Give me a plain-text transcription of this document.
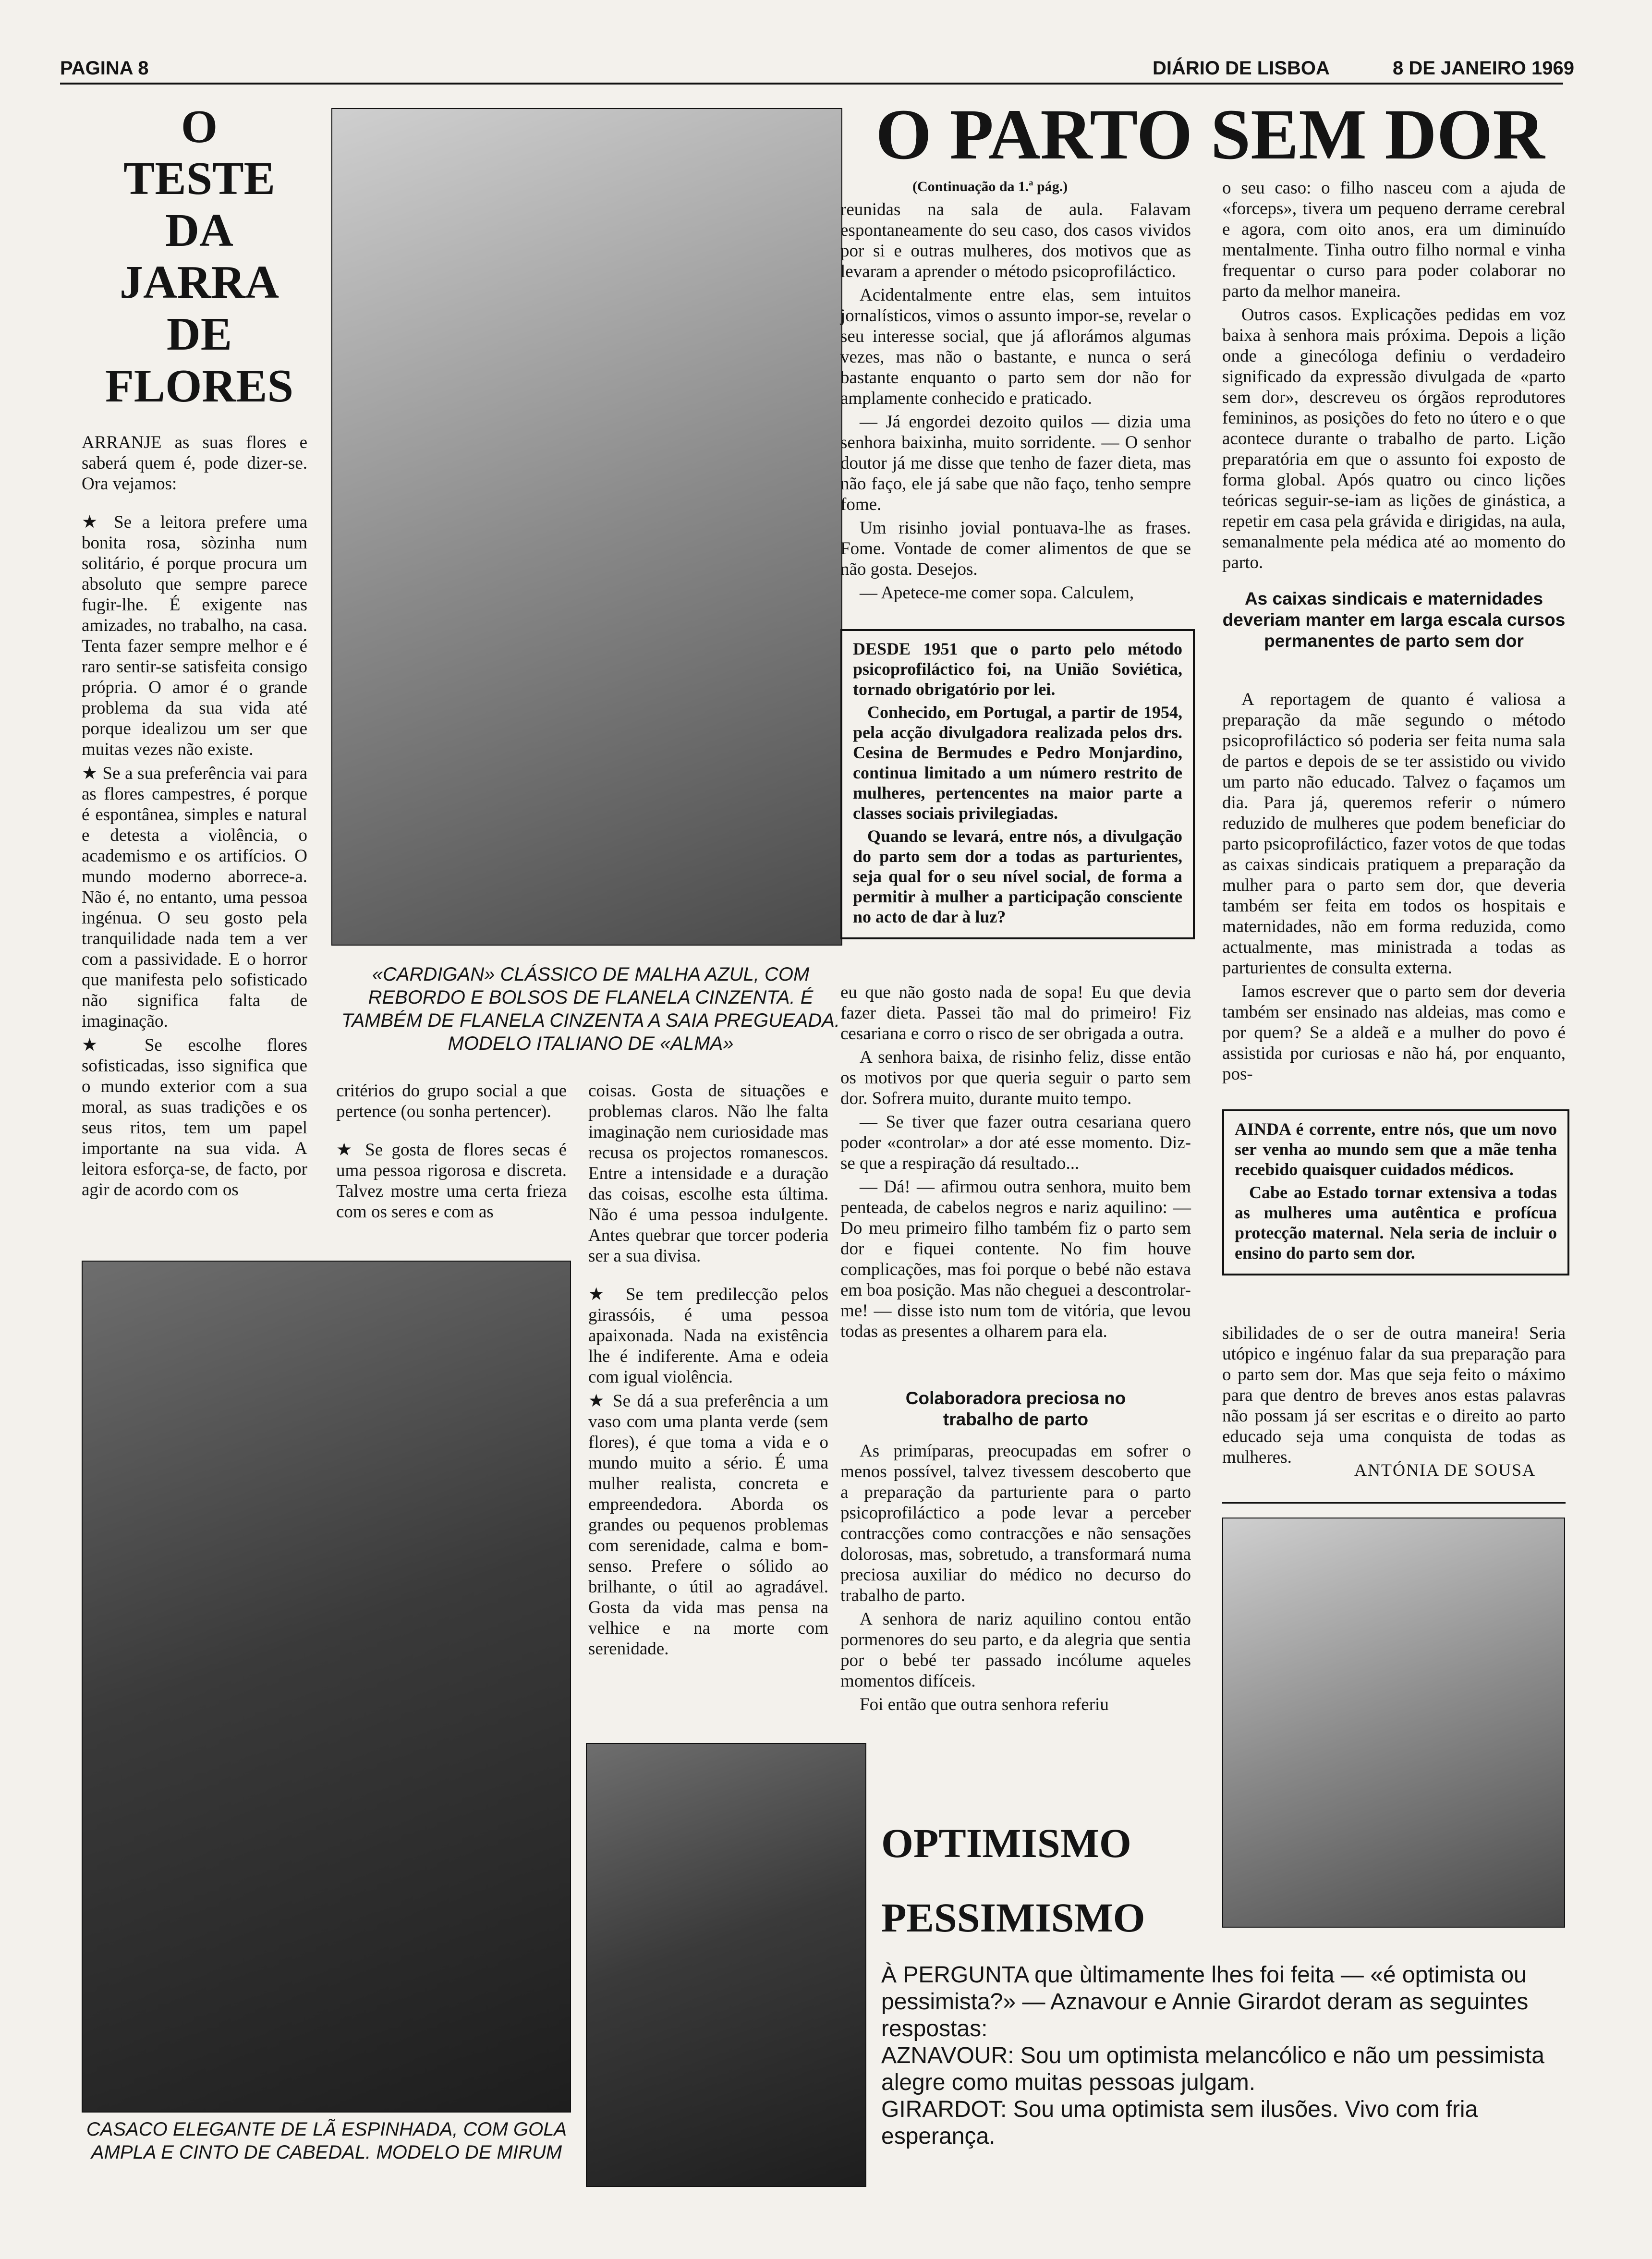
PAGINA 8	DIÁRIO DE LISBOA	8 DE JANEIRO 1969
O
TESTE
DA
JARRA
DE
FLORES

ARRANJE as suas flores e saberá quem é, pode dizer-se. Ora vejamos:

★ Se a leitora prefere uma bonita rosa, sòzinha num solitário, é porque procura um absoluto que sempre parece fugir-lhe. É exigente nas amizades, no trabalho, na casa. Tenta fazer sempre melhor e é raro sentir-se satisfeita consigo própria. O amor é o grande problema da sua vida até porque idealizou um ser que muitas vezes não existe.

★ Se a sua preferência vai para as flores campestres, é porque é espontânea, simples e natural e detesta a violência, o academismo e os artifícios. O mundo moderno aborrece-a. Não é, no entanto, uma pessoa ingénua. O seu gosto pela tranquilidade nada tem a ver com a passividade. E o horror que manifesta pelo sofisticado não significa falta de imaginação.

★ Se escolhe flores sofisticadas, isso significa que o mundo exterior com a sua moral, as suas tradições e os seus ritos, tem um papel importante na sua vida. A leitora esforça-se, de facto, por agir de acordo com os

«CARDIGAN» CLÁSSICO DE MALHA AZUL, COM REBORDO E BOLSOS DE FLANELA CINZENTA. É TAMBÉM DE FLANELA CINZENTA A SAIA PREGUEADA. MODELO ITALIANO DE «ALMA»

critérios do grupo social a que pertence (ou sonha pertencer).

★ Se gosta de flores secas é uma pessoa rigorosa e discreta. Talvez mostre uma certa frieza com os seres e com as

coisas. Gosta de situações e problemas claros. Não lhe falta imaginação nem curiosidade mas recusa os projectos romanescos. Entre a intensidade e a duração das coisas, escolhe esta última. Não é uma pessoa indulgente. Antes quebrar que torcer poderia ser a sua divisa.

★ Se tem predilecção pelos girassóis, é uma pessoa apaixonada. Nada na existência lhe é indiferente. Ama e odeia com igual violência.

★ Se dá a sua preferência a um vaso com uma planta verde (sem flores), é que toma a vida e o mundo muito a sério. É uma mulher realista, concreta e empreendedora. Aborda os grandes ou pequenos problemas com serenidade, calma e bom-senso. Prefere o sólido ao brilhante, o útil ao agradável. Gosta da vida mas pensa na velhice e na morte com serenidade.

CASACO ELEGANTE DE LÃ ESPINHADA, COM GOLA AMPLA E CINTO DE CABEDAL. MODELO DE MIRUM
O PARTO SEM DOR
(Continuação da 1.ª pág.)

reunidas na sala de aula. Falavam espontaneamente do seu caso, dos casos vividos por si e outras mulheres, dos motivos que as levaram a aprender o método psicoprofiláctico.

Acidentalmente entre elas, sem intuitos jornalísticos, vimos o assunto impor-se, revelar o seu interesse social, que já aflorámos algumas vezes, mas não o bastante, e nunca o será bastante enquanto o parto sem dor não for amplamente conhecido e praticado.

— Já engordei dezoito quilos — dizia uma senhora baixinha, muito sorridente. — O senhor doutor já me disse que tenho de fazer dieta, mas não faço, ele já sabe que não faço, tenho sempre fome.

Um risinho jovial pontuava-lhe as frases. Fome. Vontade de comer alimentos de que se não gosta. Desejos.

— Apetece-me comer sopa. Calculem,

DESDE 1951 que o parto pelo método psicoprofiláctico foi, na União Soviética, tornado obrigatório por lei.

Conhecido, em Portugal, a partir de 1954, pela acção divulgadora realizada pelos drs. Cesina de Bermudes e Pedro Monjardino, continua limitado a um número restrito de mulheres, pertencentes na maior parte a classes sociais privilegiadas.

Quando se levará, entre nós, a divulgação do parto sem dor a todas as parturientes, seja qual for o seu nível social, de forma a permitir à mulher a participação consciente no acto de dar à luz?

eu que não gosto nada de sopa! Eu que devia fazer dieta. Passei tão mal do primeiro! Fiz cesariana e corro o risco de ser obrigada a outra.

A senhora baixa, de risinho feliz, disse então os motivos por que queria seguir o parto sem dor. Sofrera muito, durante muito tempo.

— Se tiver que fazer outra cesariana quero poder «controlar» a dor até esse momento. Diz-se que a respiração dá resultado...

— Dá! — afirmou outra senhora, muito bem penteada, de cabelos negros e nariz aquilino: — Do meu primeiro filho também fiz o parto sem dor e fiquei contente. No fim houve complicações, mas foi porque o bebé não estava em boa posição. Mas não cheguei a descontrolar-me! — disse isto num tom de vitória, que levou todas as presentes a olharem para ela.

Colaboradora preciosa no trabalho de parto

As primíparas, preocupadas em sofrer o menos possível, talvez tivessem descoberto que a preparação da parturiente para o parto psicoprofiláctico a pode levar a perceber contracções como contracções e não sensações dolorosas, mas, sobretudo, a transformará numa preciosa auxiliar do médico no decurso do trabalho de parto.

A senhora de nariz aquilino contou então pormenores do seu parto, e da alegria que sentia por o bebé ter passado incólume aqueles momentos difíceis.

Foi então que outra senhora referiu

o seu caso: o filho nasceu com a ajuda de «forceps», tivera um pequeno derrame cerebral e agora, com oito anos, era um diminuído mentalmente. Tinha outro filho normal e vinha frequentar o curso para poder colaborar no parto da melhor maneira.

Outros casos. Explicações pedidas em voz baixa à senhora mais próxima. Depois a lição onde a ginecóloga definiu o verdadeiro significado da expressão divulgada de «parto sem dor», descreveu os órgãos reprodutores femininos, as posições do feto no útero e o que acontece durante o trabalho de parto. Lição preparatória em que o assunto foi exposto de forma global. Após quatro ou cinco lições teóricas seguir-se-iam as lições de ginástica, a repetir em casa pela grávida e dirigidas, na aula, semanalmente pela médica até ao momento do parto.

As caixas sindicais e maternidades deveriam manter em larga escala cursos permanentes de parto sem dor

A reportagem de quanto é valiosa a preparação da mãe segundo o método psicoprofiláctico só poderia ser feita numa sala de partos e depois de se ter assistido ou vivido um parto não educado. Talvez o façamos um dia. Para já, queremos referir o número reduzido de mulheres que podem beneficiar do parto psicoprofiláctico, fazer votos de que todas as caixas sindicais pratiquem a preparação da mulher para o parto sem dor, que deveria também ser feita em todos os hospitais e maternidades, não em forma reduzida, como actualmente, mas ministrada a todas as parturientes de consulta externa.

Iamos escrever que o parto sem dor deveria também ser ensinado nas aldeias, mas como e por quem? Se a aldeã e a mulher do povo é assistida por curiosas e não há, por enquanto, pos-

AINDA é corrente, entre nós, que um novo ser venha ao mundo sem que a mãe tenha recebido quaisquer cuidados médicos.

Cabe ao Estado tornar extensiva a todas as mulheres uma autêntica e profícua protecção maternal. Nela seria de incluir o ensino do parto sem dor.

sibilidades de o ser de outra maneira! Seria utópico e ingénuo falar da sua preparação para o parto sem dor. Mas que seja feito o máximo para que dentro de breves anos estas palavras não possam já ser escritas e o direito ao parto educado seja uma conquista de todas as mulheres.

ANTÓNIA DE SOUSA
OPTIMISMO
PESSIMISMO
À PERGUNTA que ùltimamente lhes foi feita — «é optimista ou pessimista?» — Aznavour e Annie Girardot deram as seguintes respostas:
AZNAVOUR: Sou um optimista melancólico e não um pessimista alegre como muitas pessoas julgam.
GIRARDOT: Sou uma optimista sem ilusões. Vivo com fria esperança.
